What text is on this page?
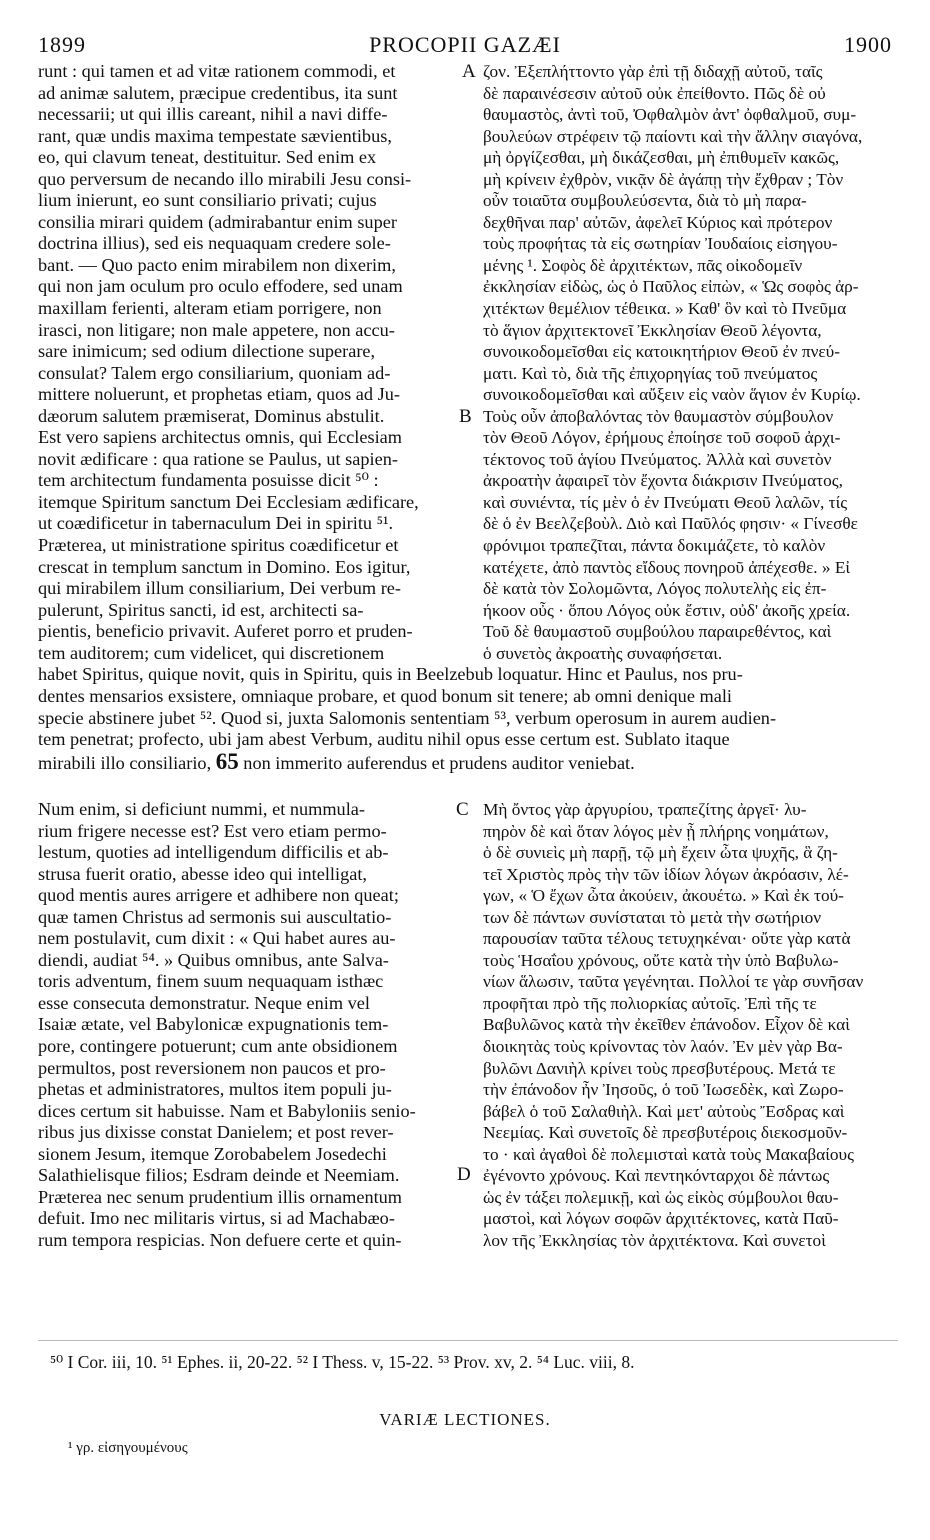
1899	PROCOPII GAZÆI	1900
runt : qui tamen et ad vitæ rationem commodi, et
ad animæ salutem, præcipue credentibus, ita sunt
necessarii; ut qui illis careant, nihil a navi diffe-
rant, quæ undis maxima tempestate sævientibus,
eo, qui clavum teneat, destituitur. Sed enim ex
quo perversum de necando illo mirabili Jesu consi-
lium inierunt, eo sunt consiliario privati; cujus
consilia mirari quidem (admirabantur enim super
doctrina illius), sed eis nequaquam credere sole-
bant. — Quo pacto enim mirabilem non dixerim,
qui non jam oculum pro oculo effodere, sed unam
maxillam ferienti, alteram etiam porrigere, non
irasci, non litigare; non male appetere, non accu-
sare inimicum; sed odium dilectione superare,
consulat? Talem ergo consiliarium, quoniam ad-
mittere noluerunt, et prophetas etiam, quos ad Ju-
dæorum salutem præmiserat, Dominus abstulit.
Est vero sapiens architectus omnis, qui Ecclesiam
novit ædificare : qua ratione se Paulus, ut sapien-
tem architectum fundamenta posuisse dicit ⁵⁰ :
itemque Spiritum sanctum Dei Ecclesiam ædificare,
ut coædificetur in tabernaculum Dei in spiritu ⁵¹.
Præterea, ut ministratione spiritus coædificetur et
crescat in templum sanctum in Domino. Eos igitur,
qui mirabilem illum consiliarium, Dei verbum re-
pulerunt, Spiritus sancti, id est, architecti sa-
pientis, beneficio privavit. Auferet porro et pruden-
tem auditorem; cum videlicet, qui discretionem
A
B
ζον. Ἐξεπλήττοντο γὰρ ἐπὶ τῇ διδαχῇ αὐτοῦ, ταῖς
δὲ παραινέσεσιν αὐτοῦ οὐκ ἐπείθοντο. Πῶς δὲ οὐ
θαυμαστὸς, ἀντὶ τοῦ, Ὀφθαλμὸν ἀντ' ὀφθαλμοῦ, συμ-
βουλεύων στρέφειν τῷ παίοντι καὶ τὴν ἄλλην σιαγόνα,
μὴ ὀργίζεσθαι, μὴ δικάζεσθαι, μὴ ἐπιθυμεῖν κακῶς,
μὴ κρίνειν ἐχθρὸν, νικᾷν δὲ ἀγάπῃ τὴν ἔχθραν ; Τὸν
οὖν τοιαῦτα συμβουλεύσεντα, διὰ τὸ μὴ παρα-
δεχθῆναι παρ' αὐτῶν, ἀφελεῖ Κύριος καὶ πρότερον
τοὺς προφήτας τὰ εἰς σωτηρίαν Ἰουδαίοις εἰσηγου-
μένης ¹. Σοφὸς δὲ ἀρχιτέκτων, πᾶς οἰκοδομεῖν
ἐκκλησίαν εἰδὼς, ὡς ὁ Παῦλος εἰπὼν, « Ὡς σοφὸς ἀρ-
χιτέκτων θεμέλιον τέθεικα. » Καθ' ὃν καὶ τὸ Πνεῦμα
τὸ ἅγιον ἀρχιτεκτονεῖ Ἐκκλησίαν Θεοῦ λέγοντα,
συνοικοδομεῖσθαι εἰς κατοικητήριον Θεοῦ ἐν πνεύ-
ματι. Καὶ τὸ, διὰ τῆς ἐπιχορηγίας τοῦ πνεύματος
συνοικοδομεῖσθαι καὶ αὔξειν εἰς ναὸν ἅγιον ἐν Κυρίῳ.
Τοὺς οὖν ἀποβαλόντας τὸν θαυμαστὸν σύμβουλον
τὸν Θεοῦ Λόγον, ἐρήμους ἐποίησε τοῦ σοφοῦ ἀρχι-
τέκτονος τοῦ ἁγίου Πνεύματος. Ἀλλὰ καὶ συνετὸν
ἀκροατὴν ἀφαιρεῖ τὸν ἔχοντα διάκρισιν Πνεύματος,
καὶ συνιέντα, τίς μὲν ὁ ἐν Πνεύματι Θεοῦ λαλῶν, τίς
δὲ ὁ ἐν Βεελζεβοὺλ. Διὸ καὶ Παῦλός φησιν· « Γίνεσθε
φρόνιμοι τραπεζῖται, πάντα δοκιμάζετε, τὸ καλὸν
κατέχετε, ἀπὸ παντὸς εἴδους πονηροῦ ἀπέχεσθε. » Εἰ
δὲ κατὰ τὸν Σολομῶντα, Λόγος πολυτελὴς εἰς ἐπ-
ήκοον οὖς · ὅπου Λόγος οὐκ ἔστιν, οὐδ' ἀκοῆς χρεία.
Τοῦ δὲ θαυμαστοῦ συμβούλου παραιρεθέντος, καὶ
ὁ συνετὸς ἀκροατὴς συναφήσεται.
habet Spiritus, quique novit, quis in Spiritu, quis in Beelzebub loquatur. Hinc et Paulus, nos pru-
dentes mensarios exsistere, omniaque probare, et quod bonum sit tenere; ab omni denique mali
specie abstinere jubet ⁵². Quod si, juxta Salomonis sententiam ⁵³, verbum operosum in aurem audien-
tem penetrat; profecto, ubi jam abest Verbum, auditu nihil opus esse certum est. Sublato itaque
mirabili illo consiliario, 65 non immerito auferendus et prudens auditor veniebat.
Num enim, si deficiunt nummi, et nummula-
rium frigere necesse est? Est vero etiam permo-
lestum, quoties ad intelligendum difficilis et ab-
strusa fuerit oratio, abesse ideo qui intelligat,
quod mentis aures arrigere et adhibere non queat;
quæ tamen Christus ad sermonis sui auscultatio-
nem postulavit, cum dixit : « Qui habet aures au-
diendi, audiat ⁵⁴. » Quibus omnibus, ante Salva-
toris adventum, finem suum nequaquam isthæc
esse consecuta demonstratur. Neque enim vel
Isaiæ ætate, vel Babylonicæ expugnationis tem-
pore, contingere potuerunt; cum ante obsidionem
permultos, post reversionem non paucos et pro-
phetas et administratores, multos item populi ju-
dices certum sit habuisse. Nam et Babyloniis senio-
ribus jus dixisse constat Danielem; et post rever-
sionem Jesum, itemque Zorobabelem Josedechi
Salathielisque filios; Esdram deinde et Neemiam.
Præterea nec senum prudentium illis ornamentum
defuit. Imo nec militaris virtus, si ad Machabæo-
rum tempora respicias. Non defuere certe et quin-
C
D
Μὴ ὄντος γὰρ ἀργυρίου, τραπεζίτης ἀργεῖ· λυ-
πηρὸν δὲ καὶ ὅταν λόγος μὲν ᾖ πλήρης νοημάτων,
ὁ δὲ συνιεὶς μὴ παρῇ, τῷ μὴ ἔχειν ὦτα ψυχῆς, ἃ ζη-
τεῖ Χριστὸς πρὸς τὴν τῶν ἰδίων λόγων ἀκρόασιν, λέ-
γων, « Ὁ ἔχων ὦτα ἀκούειν, ἀκουέτω. » Καὶ ἐκ τού-
των δὲ πάντων συνίσταται τὸ μετὰ τὴν σωτήριον
παρουσίαν ταῦτα τέλους τετυχηκέναι· οὔτε γὰρ κατὰ
τοὺς Ἡσαΐου χρόνους, οὔτε κατὰ τὴν ὑπὸ Βαβυλω-
νίων ἅλωσιν, ταῦτα γεγένηται. Πολλοί τε γὰρ συνῆσαν
προφῆται πρὸ τῆς πολιορκίας αὐτοῖς. Ἐπὶ τῆς τε
Βαβυλῶνος κατὰ τὴν ἐκεῖθεν ἐπάνοδον. Εἶχον δὲ καὶ
διοικητὰς τοὺς κρίνοντας τὸν λαόν. Ἐν μὲν γὰρ Βα-
βυλῶνι Δανιὴλ κρίνει τοὺς πρεσβυτέρους. Μετά τε
τὴν ἐπάνοδον ἦν Ἰησοῦς, ὁ τοῦ Ἰωσεδὲκ, καὶ Ζωρο-
βάβελ ὁ τοῦ Σαλαθιὴλ. Καὶ μετ' αὐτοὺς Ἔσδρας καὶ
Νεεμίας. Καὶ συνετοῖς δὲ πρεσβυτέροις διεκοσμοῦν-
το · καὶ ἀγαθοὶ δὲ πολεμισταὶ κατὰ τοὺς Μακαβαίους
ἐγένοντο χρόνους. Καὶ πεντηκόνταρχοι δὲ πάντως
ὡς ἐν τάξει πολεμικῇ, καὶ ὡς εἰκὸς σύμβουλοι θαυ-
μαστοὶ, καὶ λόγων σοφῶν ἀρχιτέκτονες, κατὰ Παῦ-
λον τῆς Ἐκκλησίας τὸν ἀρχιτέκτονα. Καὶ συνετοὶ
⁵⁰ I Cor. iii, 10. ⁵¹ Ephes. ii, 20-22. ⁵² I Thess. v, 15-22. ⁵³ Prov. xv, 2. ⁵⁴ Luc. viii, 8.
VARIÆ LECTIONES.
¹ γρ. εἰσηγουμένους
